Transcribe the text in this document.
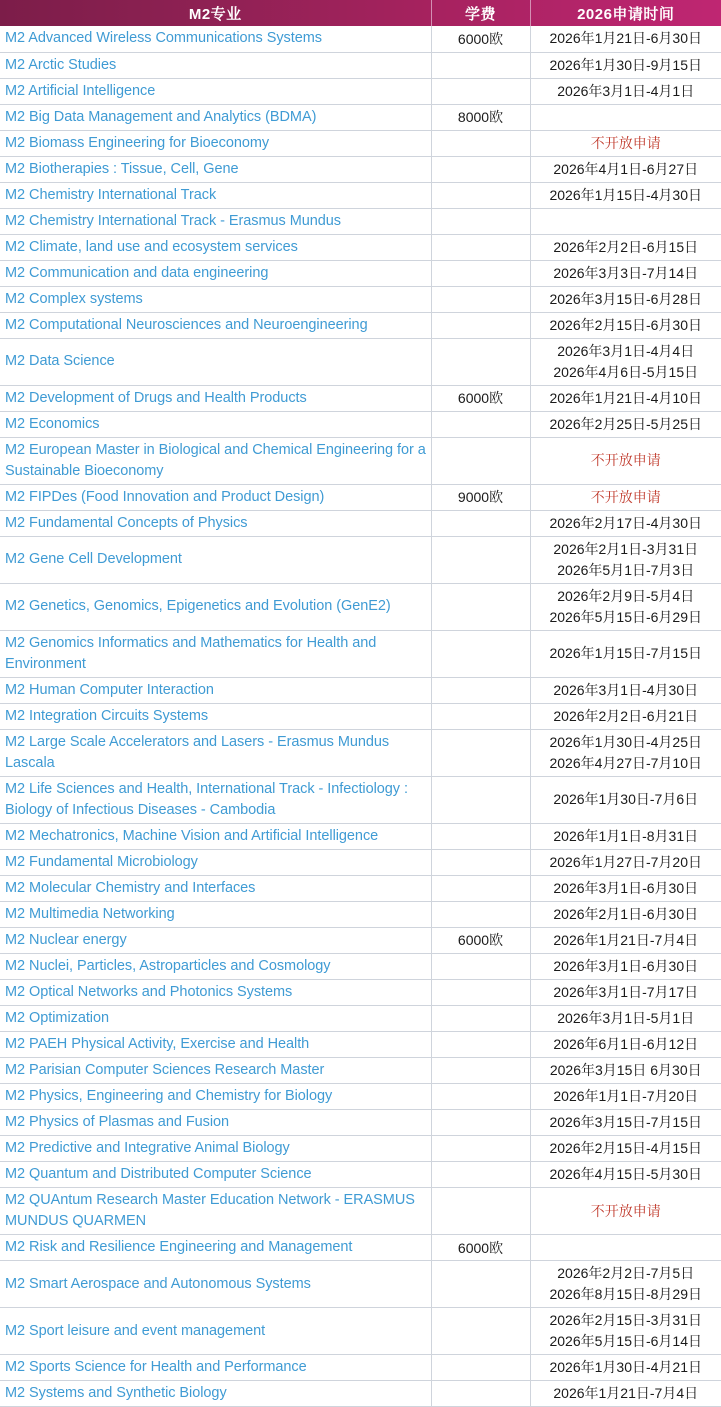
M2专业	学费	2026申请时间
M2 Advanced Wireless Communications Systems	6000欧	2026年1月21日-6月30日

M2 Arctic Studies		2026年1月30日-9月15日

M2 Artificial Intelligence		2026年3月1日-4月1日

M2 Big Data Management and Analytics (BDMA)	8000欧	
M2 Biomass Engineering for Bioeconomy		不开放申请

M2 Biotherapies : Tissue, Cell, Gene		2026年4月1日-6月27日

M2 Chemistry International Track		2026年1月15日-4月30日

M2 Chemistry International Track - Erasmus Mundus		
M2 Climate, land use and ecosystem services		2026年2月2日-6月15日

M2 Communication and data engineering		2026年3月3日-7月14日

M2 Complex systems		2026年3月15日-6月28日

M2 Computational Neurosciences and Neuroengineering		2026年2月15日-6月30日

M2 Data Science		2026年3月1日-4月4日
2026年4月6日-5月15日

M2 Development of Drugs and Health Products	6000欧	2026年1月21日-4月10日

M2 Economics		2026年2月25日-5月25日

M2 European Master in Biological and Chemical Engineering for a Sustainable Bioeconomy		不开放申请

M2 FIPDes (Food Innovation and Product Design)	9000欧	不开放申请

M2 Fundamental Concepts of Physics		2026年2月17日-4月30日

M2 Gene Cell Development		2026年2月1日-3月31日
2026年5月1日-7月3日

M2 Genetics, Genomics, Epigenetics and Evolution (GenE2)		2026年2月9日-5月4日
2026年5月15日-6月29日

M2 Genomics Informatics and Mathematics for Health and Environment		2026年1月15日-7月15日

M2 Human Computer Interaction		2026年3月1日-4月30日

M2 Integration Circuits Systems		2026年2月2日-6月21日

M2 Large Scale Accelerators and Lasers - Erasmus Mundus Lascala		2026年1月30日-4月25日
2026年4月27日-7月10日

M2 Life Sciences and Health, International Track - Infectiology : Biology of Infectious Diseases - Cambodia		2026年1月30日-7月6日

M2 Mechatronics, Machine Vision and Artificial Intelligence		2026年1月1日-8月31日

M2 Fundamental Microbiology		2026年1月27日-7月20日

M2 Molecular Chemistry and Interfaces		2026年3月1日-6月30日

M2 Multimedia Networking		2026年2月1日-6月30日

M2 Nuclear energy	6000欧	2026年1月21日-7月4日

M2 Nuclei, Particles, Astroparticles and Cosmology		2026年3月1日-6月30日

M2 Optical Networks and Photonics Systems		2026年3月1日-7月17日

M2 Optimization		2026年3月1日-5月1日

M2 PAEH Physical Activity, Exercise and Health		2026年6月1日-6月12日

M2 Parisian Computer Sciences Research Master		2026年3月15日 6月30日

M2 Physics, Engineering and Chemistry for Biology		2026年1月1日-7月20日

M2 Physics of Plasmas and Fusion		2026年3月15日-7月15日

M2 Predictive and Integrative Animal Biology		2026年2月15日-4月15日

M2 Quantum and Distributed Computer Science		2026年4月15日-5月30日

M2 QUAntum Research Master Education Network - ERASMUS MUNDUS QUARMEN		不开放申请

M2 Risk and Resilience Engineering and Management	6000欧	
M2 Smart Aerospace and Autonomous Systems		2026年2月2日-7月5日
2026年8月15日-8月29日

M2 Sport leisure and event management		2026年2月15日-3月31日
2026年5月15日-6月14日

M2 Sports Science for Health and Performance		2026年1月30日-4月21日

M2 Systems and Synthetic Biology		2026年1月21日-7月4日
